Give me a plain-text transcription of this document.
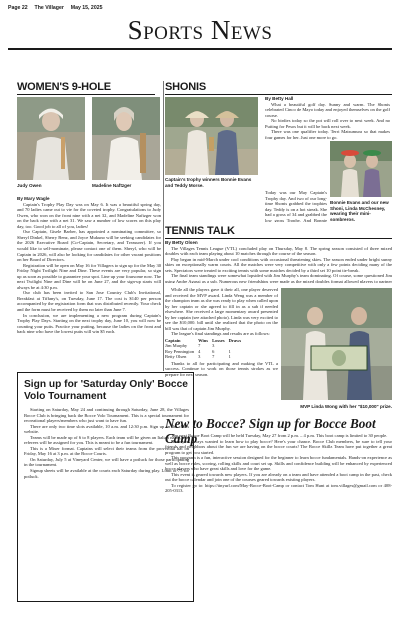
Page 22 The Villager May 15, 2025
Sports News
WOMEN'S 9-HOLE
Judy Owen	Madeline Naftzger
By Mary Wagle

Captain's Trophy Play Day was on May 6. It was a beautiful spring day, and 70 ladies came out to vie for the coveted trophy. Congratulations to Judy Owen, who won on the front nine with a net 32, and Madeline Naftzger won on the back nine with a net 31. We saw a number of low scores on this play day, too. Good job to all of you, ladies!

Our Captain, Gisele Barber, has appointed a nominating committee, so Sheryl Dinkel, Sherry Benz, and Joyce Mukuno will be seeking candidates for the 2026 Executive Board (Co-Captain, Secretary, and Treasurer). If you would like to self-nominate, please contact one of them. Sheryl, who will be Captain in 2026, will also be looking for candidates for other vacant positions on her Board of Directors.

Registration will be open on May 16 for Villagers to sign up for the May 30 Friday Night Twilight Nine and Dine. These events are very popular, so sign up as soon as possible to guarantee your spot. Line up your foursome now. The next Twilight Nine and Dine will be on June 27, and the sign-up starts will always be at 4:30 p.m.

Our club has been invited to San Jose Country Club's Invitational, Breakfast at Tiffany's, on Tuesday, June 17. The cost is $140 per person accompanied by the registration form that was distributed recently. Your check and the form must be received by them no later than June 7.

In conclusion, we are implementing a new program during Captain's Trophy Play Days. Starting on the next trophy day, June 10, you will now be counting your putts. Practice your putting, because the ladies on the front and back nine who have the lowest putts will win $5 each.

SHONIS
Captain's trophy winners Bonnie Evans and Teddy Morse.
By Betty Hall

What a beautiful golf day. Sunny and warm. The Shonis celebrated Cinco de Mayo today and enjoyed themselves on the golf course.

No birdies today so the pot will roll over to next week. And no Putting for Pesos but it will be back next week.

There was one qualifier today. Terri Matsumura so that makes four games for her. Just one more to go.

Bonnie Evans and our new Shoni, Linda McChesney, wearing their mini-sombreros.

Today was our May Captain's Trophy day. And two of our long-time Shonis grabbed the trophies day. Teddy is on a hot streak. She had a gross of 34 and grabbed the low gross Trophy. And Bonnie

TENNIS TALK
By Betty Olsen

The Villages Tennis League (VTL) concluded play on Thursday, May 8. The spring season consisted of three mixed doubles with each team playing about 10 matches through the course of the season.

Play began in mid-March under cool conditions with occasional threatening skies. The season ended under bright sunny skies on exceptionally warm courts. All the matches were very competitive with only a few points deciding many of the sets. Spectators were treated to exciting tennis with some matches decided by a third set 10 point tie-break.

The final team standings were somewhat lopsided with Jim Murphy's team dominating. Of course, some questioned Jim using Andre Agassi as a sub. Numerous new friendships were made as the mixed doubles format allowed players to partner

While all the players gave it their all, one player deserved and received the MVP award. Linda Weng was a member of the champion team as she was ready to play when called upon by her captain or she agreed to fill in as a sub if needed elsewhere. She received a large momentary award presented by her captain (see attached photo). Linda was very excited to see the $10,000. bill until she realized that the photo on the bill was that of captain Jim Murphy.

The league's final standings and results are as follows:

Captain	Wins	Losses	Draws
Jim Murphy	7	3	
Roy Pennington	4	6	1
Betty Olsen	3	7	1

Thanks to all for participating and making the VTL a success. Continue to work on those tennis strokes as we prepare for next season.

MVP Linda Wong with her "$10,000" prize.
Sign up for 'Saturday Only' Bocce Volo Tournament

Starting on Saturday, May 24 and continuing through Saturday, June 28, the Villages Bocce Club is bringing back the Bocce Volo Tournament. This is a special tournament for recreational players/members who just want to have fun.

There are only two time slots available, 10 a.m. and 12:30 p.m. Sign up on the club's website.

Teams will be made up of 6 to 8 players. Each team will be given an Italian name, and referees will be assigned for you. This is meant to be a fun tournament.

This is a Mixer format. Captains will select their teams from the proverbial hat on Friday, May 16 at 3 p.m. at the Bocce Courts.

On Saturday, July 5 at Vineyard Center, we will have a potluck for those participating in the tournament.

Signup sheets will be available at the courts each Saturday during play. Limit of 75 for potluck.

New to Bocce? Sign up for Bocce Boot Camp

The next Bocce Boot Camp will be held Tuesday, May 27 from 2 p.m. – 4 p.m. This boot camp is limited to 30 people.

Have you always wanted to learn how to play bocce? Here's your chance. Bocce Club members, be sure to tell your friends and neighbors about the fun we are having on the bocce courts! The Bocce Skillz Team have put together a great program to get you started.

This program is a fun, interactive session designed for the beginner to learn bocce fundamentals. Hands-on experience as well as bocce rules, scoring, rolling skills and court set up. Skills and confidence building will be enhanced by experienced bocce players who have great skills and love for the game.

This event is geared towards new players. If you are already on a team and have attended a boot camp in the past, check out the bocce calendar and join one of the courses geared towards existing players.

To register go to: https://tinyurl.com/May-Bocce-Boot-Camp or contact Tom Hunt at tom.villages@gmail.com or 408-205-0313.
